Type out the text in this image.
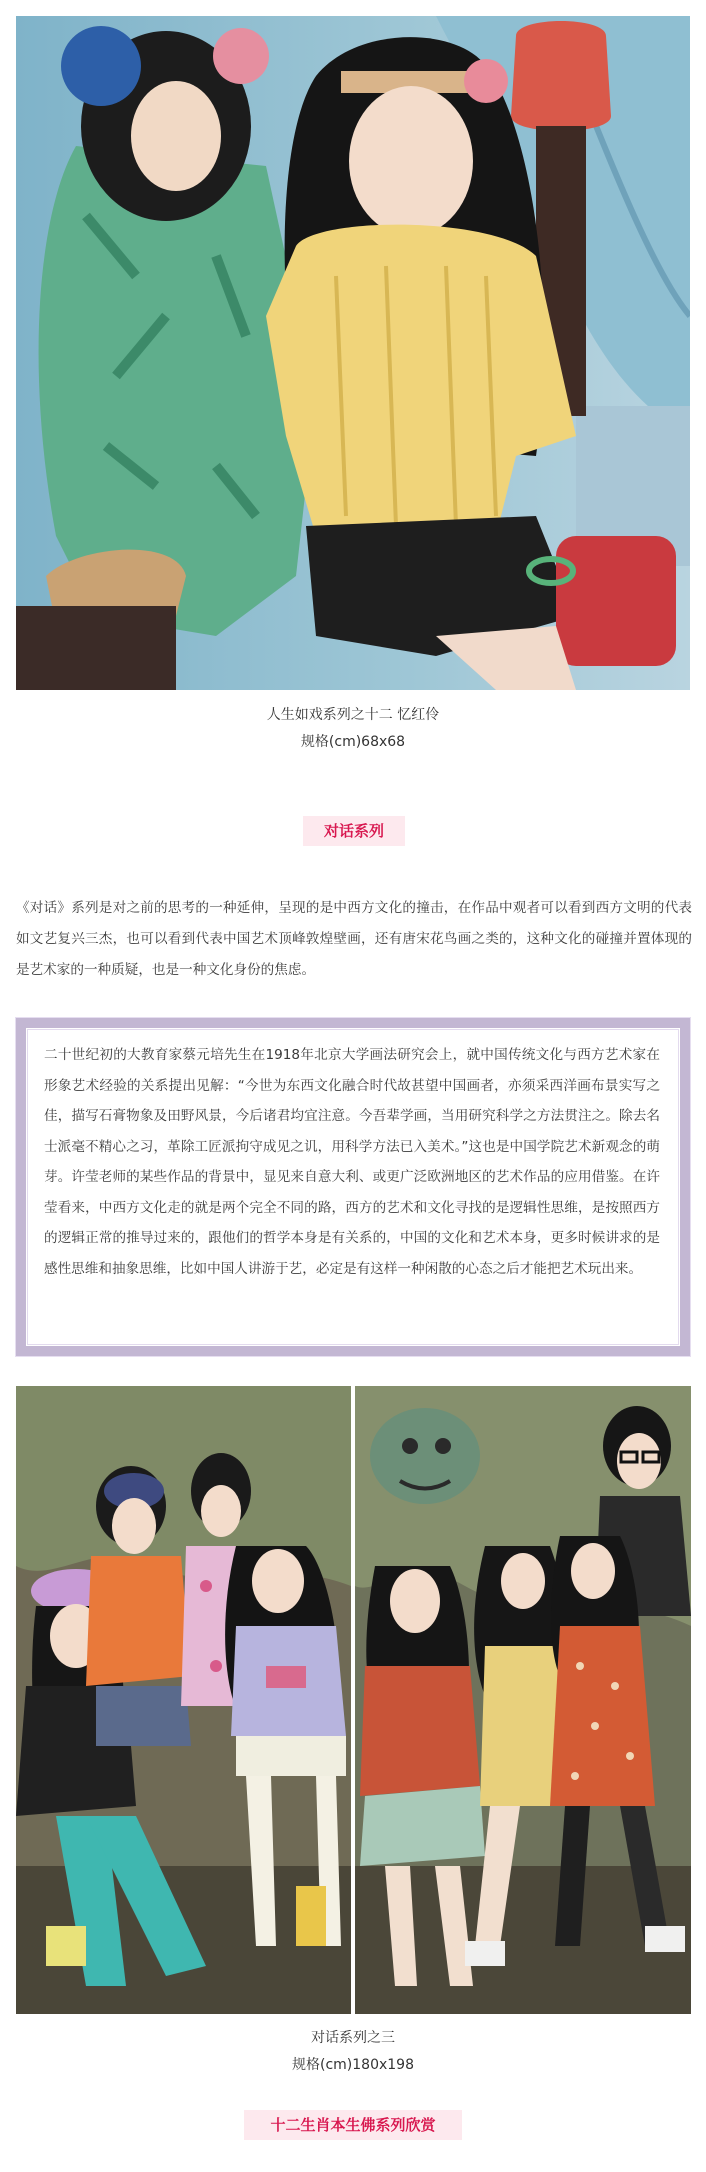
人生如戏系列之十二 忆红伶
规格(cm)68x68
对话系列

《对话》系列是对之前的思考的一种延伸，呈现的是中西方文化的撞击，在作品中观者可以看到西方文明的代表如文艺复兴三杰，也可以看到代表中国艺术顶峰敦煌壁画，还有唐宋花鸟画之类的，这种文化的碰撞并置体现的是艺术家的一种质疑，也是一种文化身份的焦虑。

二十世纪初的大教育家蔡元培先生在1918年北京大学画法研究会上，就中国传统文化与西方艺术家在形象艺术经验的关系提出见解：“今世为东西文化融合时代故甚望中国画者，亦须采西洋画布景实写之佳，描写石膏物象及田野风景，今后诸君均宜注意。今吾辈学画，当用研究科学之方法贯注之。除去名士派毫不精心之习，革除工匠派拘守成见之讥，用科学方法已入美术。”这也是中国学院艺术新观念的萌芽。许莹老师的某些作品的背景中，显见来自意大利、或更广泛欧洲地区的艺术作品的应用借鉴。在许莹看来，中西方文化走的就是两个完全不同的路，西方的艺术和文化寻找的是逻辑性思维，是按照西方的逻辑正常的推导过来的，跟他们的哲学本身是有关系的，中国的文化和艺术本身，更多时候讲求的是感性思维和抽象思维，比如中国人讲游于艺，必定是有这样一种闲散的心态之后才能把艺术玩出来。

对话系列之三
规格(cm)180x198
十二生肖本生佛系列欣赏
